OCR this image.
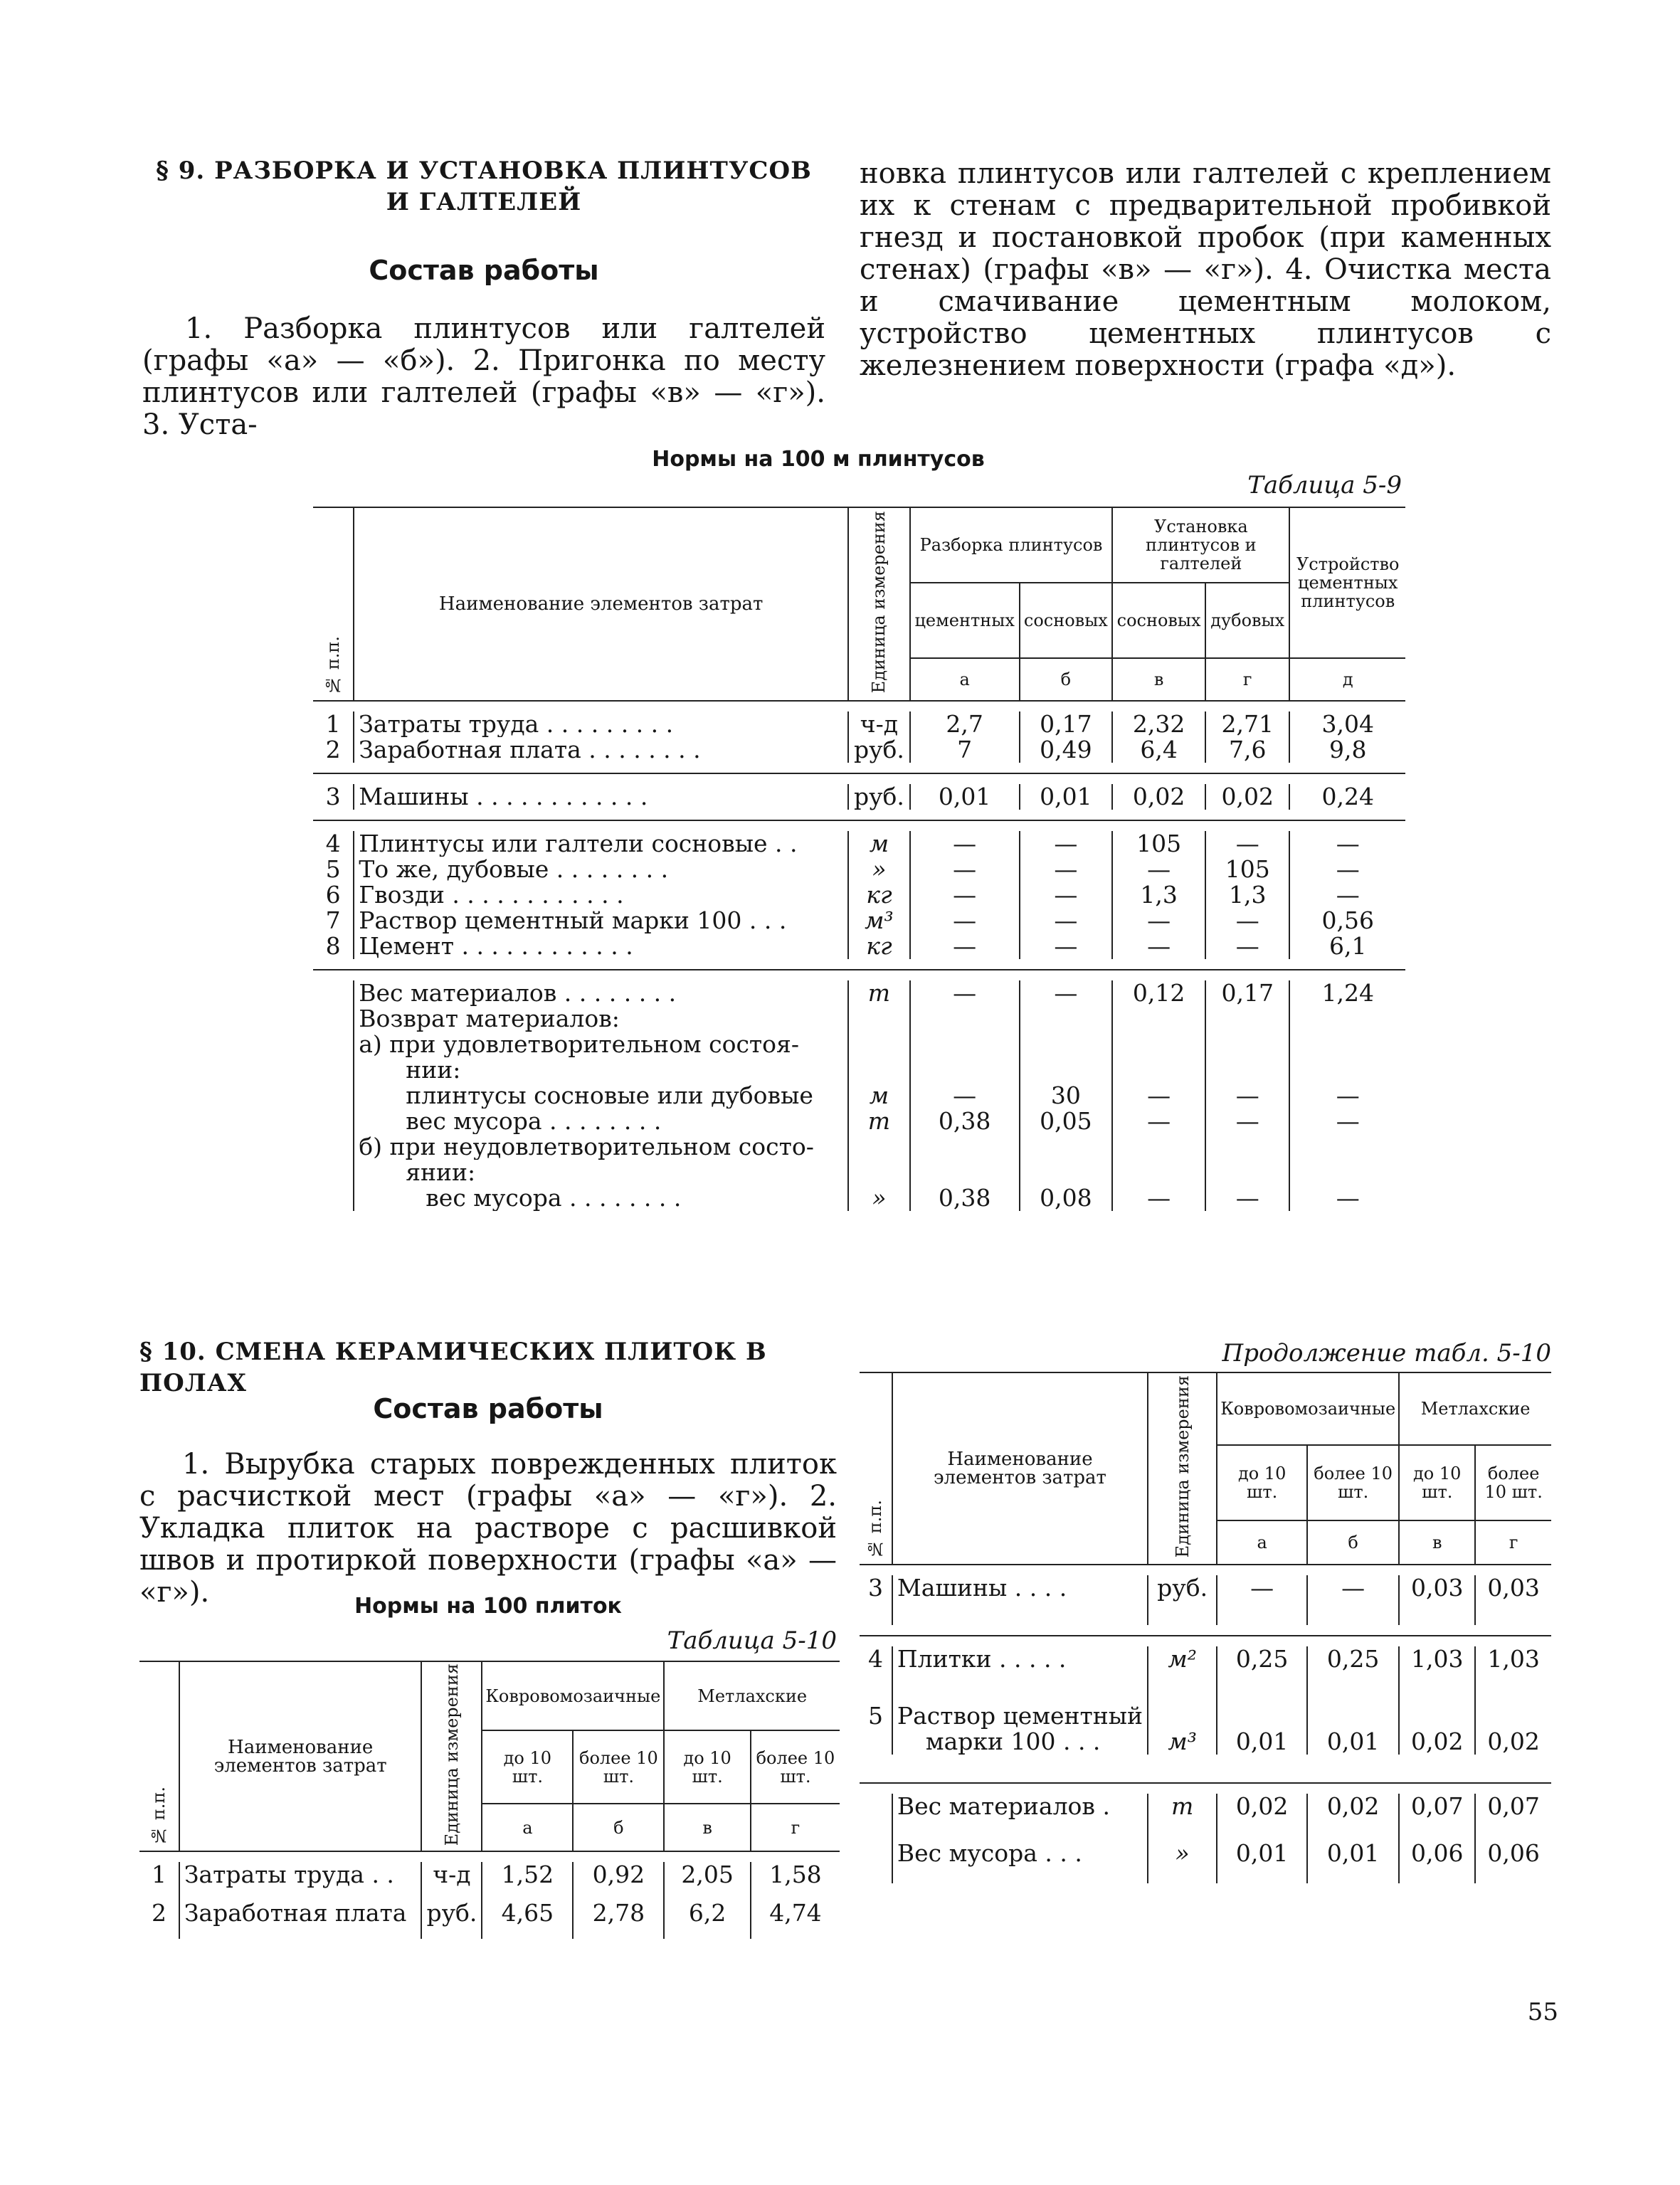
§ 9. РАЗБОРКА И УСТАНОВКА ПЛИНТУСОВ
И ГАЛТЕЛЕЙ
Состав работы
1. Разборка плинтусов или галтелей (графы «а» — «б»). 2. Пригонка по месту плинтусов или галтелей (графы «в» — «г»). 3. Уста-
новка плинтусов или галтелей с креплением их к стенам с предварительной пробивкой гнезд и постановкой пробок (при каменных стенах) (графы «в» — «г»). 4. Очистка места и смачивание цементным молоком, устройство цементных плинтусов с железнением поверхности (графа «д»).
Нормы на 100 м плинтусов
Таблица 5-9
№ п.п.	Наименование элементов затрат	Единица измерения	Разборка плинтусов		Установка плинтусов и галтелей		Устройство цементных плинтусов
			цементных	сосновых	сосновых	дубовых	
			а	б	в	г	д

1	Затраты труда . . . . . . . . .	ч-д	2,7	0,17	2,32	2,71	3,04
2	Заработная плата . . . . . . . .	руб.	7	0,49	6,4	7,6	9,8

3	Машины . . . . . . . . . . . .	руб.	0,01	0,01	0,02	0,02	0,24

4	Плинтусы или галтели сосновые . .	м	—	—	105	—	—
5	То же, дубовые . . . . . . . .	»	—	—	—	105	—
6	Гвозди . . . . . . . . . . . .	кг	—	—	1,3	1,3	—
7	Раствор цементный марки 100 . . .	м³	—	—	—	—	0,56
8	Цемент . . . . . . . . . . . .	кг	—	—	—	—	6,1

	Вес материалов . . . . . . . .	т	—	—	0,12	0,17	1,24
	Возврат материалов:						
	а) при удовлетворительном состоя-						
	нии:						
	плинтусы сосновые или дубовые	м	—	30	—	—	—
	вес мусора . . . . . . . .	т	0,38	0,05	—	—	—
	б) при неудовлетворительном состо-						
	янии:						
	вес мусора . . . . . . . .	»	0,38	0,08	—	—	—
§ 10. СМЕНА КЕРАМИЧЕСКИХ ПЛИТОК В ПОЛАХ
Состав работы
1. Вырубка старых поврежденных плиток с расчисткой мест (графы «а» — «г»). 2. Укладка плиток на растворе с расшивкой швов и протиркой поверхности (графы «а» — «г»).	Нормы на 100 плиток
Таблица 5-10
Продолжение табл. 5-10
№ п.п.	Наименование элементов затрат	Единица измерения	Ковровомозаичные		Метлахские	
			до 10 шт.	более 10 шт.	до 10 шт.	более 10 шт.
			а	б	в	г

1	Затраты труда . .	ч-д	1,52	0,92	2,05	1,58
2	Заработная плата	руб.	4,65	2,78	6,2	4,74
№ п.п.	Наименование элементов затрат	Единица измерения	Ковровомозаичные		Метлахские	
			до 10 шт.	более 10 шт.	до 10 шт.	более 10 шт.
			а	б	в	г

3	Машины . . . .	руб.	—	—	0,03	0,03

4	Плитки . . . . .	м²	0,25	0,25	1,03	1,03
5	Раствор цементный
марки 100 . . .	м³	0,01	0,01	0,02	0,02

	Вес материалов .	т	0,02	0,02	0,07	0,07
	Вес мусора . . .	»	0,01	0,01	0,06	0,06
55
